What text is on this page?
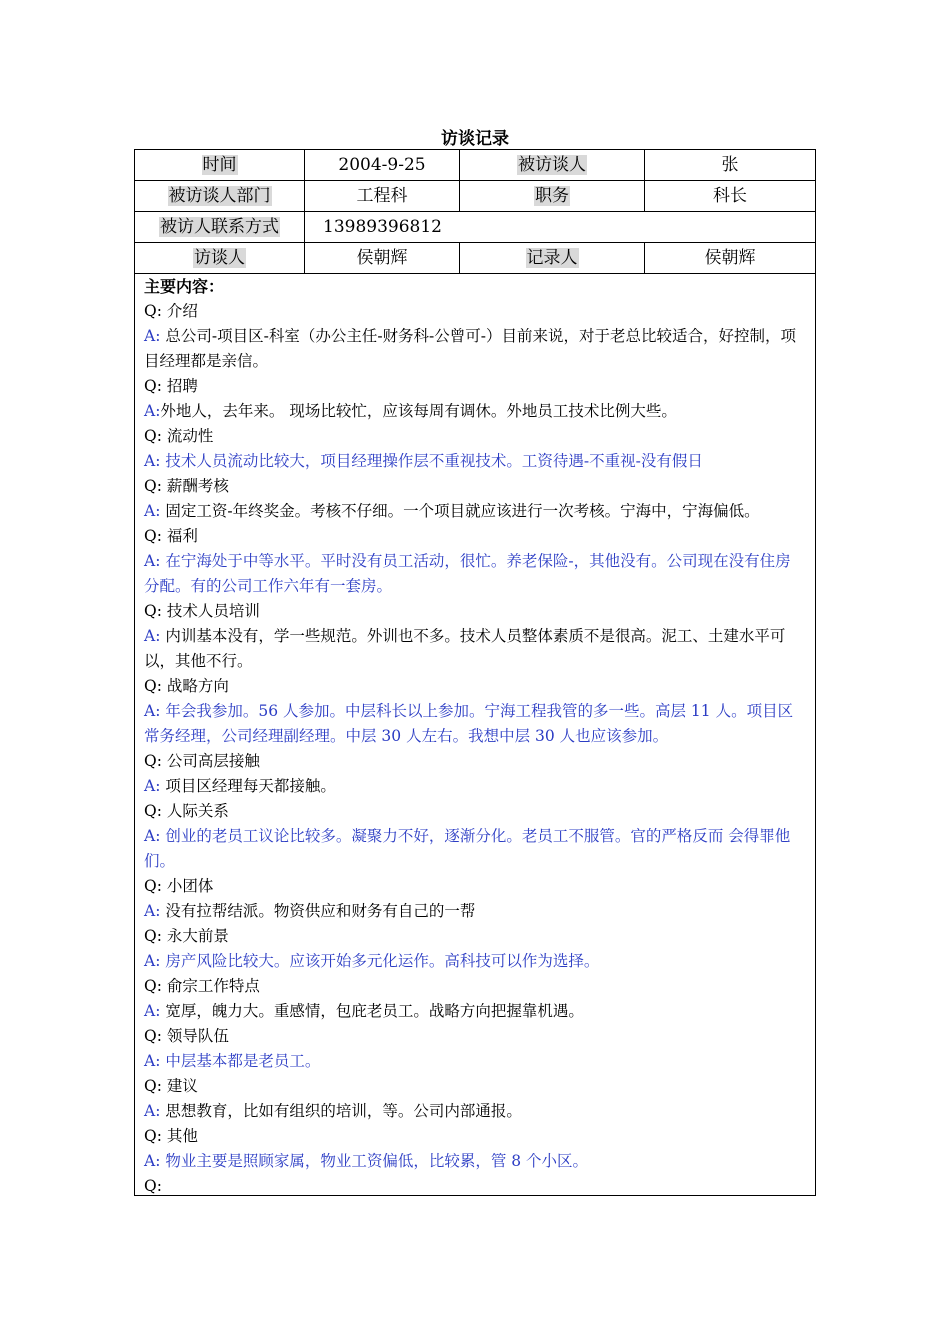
访谈记录
时间	2004-9-25	被访谈人	张
被访谈人部门	工程科	职务	科长
被访人联系方式	13989396812
访谈人	侯朝辉	记录人	侯朝辉
主要内容：

Q: 介绍

A: 总公司-项目区-科室（办公主任-财务科-公曾可-）目前来说，对于老总比较适合，好控制，项目经理都是亲信。

Q: 招聘

A:外地人，去年来。 现场比较忙，应该每周有调休。外地员工技术比例大些。

Q: 流动性

A: 技术人员流动比较大，项目经理操作层不重视技术。工资待遇-不重视-没有假日

Q: 薪酬考核

A: 固定工资-年终奖金。考核不仔细。一个项目就应该进行一次考核。宁海中，宁海偏低。

Q: 福利

A: 在宁海处于中等水平。平时没有员工活动，很忙。养老保险-，其他没有。公司现在没有住房分配。有的公司工作六年有一套房。

Q: 技术人员培训

A: 内训基本没有，学一些规范。外训也不多。技术人员整体素质不是很高。泥工、土建水平可以，其他不行。

Q: 战略方向

A: 年会我参加。56 人参加。中层科长以上参加。宁海工程我管的多一些。高层 11 人。项目区常务经理，公司经理副经理。中层 30 人左右。我想中层 30 人也应该参加。

Q: 公司高层接触

A: 项目区经理每天都接触。

Q: 人际关系

A: 创业的老员工议论比较多。凝聚力不好，逐渐分化。老员工不服管。官的严格反而 会得罪他们。

Q: 小团体

A: 没有拉帮结派。物资供应和财务有自己的一帮

Q: 永大前景

A: 房产风险比较大。应该开始多元化运作。高科技可以作为选择。

Q: 俞宗工作特点

A: 宽厚，魄力大。重感情，包庇老员工。战略方向把握靠机遇。

Q: 领导队伍

A: 中层基本都是老员工。

Q: 建议

A: 思想教育，比如有组织的培训，等。公司内部通报。

Q: 其他

A: 物业主要是照顾家属，物业工资偏低，比较累，管 8 个小区。

Q:
